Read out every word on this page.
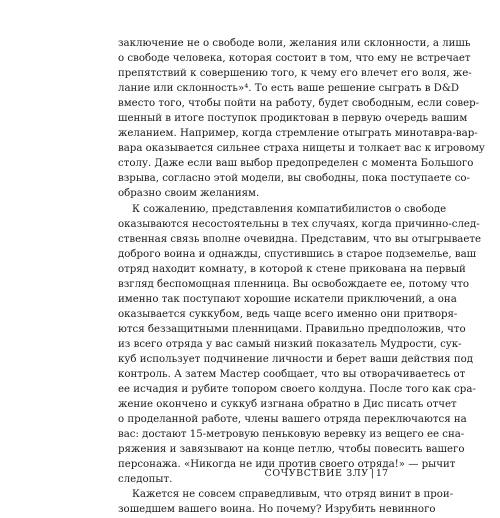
заключение не о свободе воли, желания или склонности, а лишь
о свободе человека, которая состоит в том, что ему не встречает
препятствий к совершению того, к чему его влечет его воля, же-
лание или склонность»⁴. То есть ваше решение сыграть в D&D
вместо того, чтобы пойти на работу, будет свободным, если совер-
шенный в итоге поступок продиктован в первую очередь вашим
желанием. Например, когда стремление отыграть минотавра-вар-
вара оказывается сильнее страха нищеты и толкает вас к игровому
столу. Даже если ваш выбор предопределен с момента Большого
взрыва, согласно этой модели, вы свободны, пока поступаете со-
образно своим желаниям.
К сожалению, представления компатибилистов о свободе
оказываются несостоятельны в тех случаях, когда причинно-след-
ственная связь вполне очевидна. Представим, что вы отыгрываете
доброго воина и однажды, спустившись в старое подземелье, ваш
отряд находит комнату, в которой к стене прикована на первый
взгляд беспомощная пленница. Вы освобождаете ее, потому что
именно так поступают хорошие искатели приключений, а она
оказывается суккубом, ведь чаще всего именно они притворя-
ются беззащитными пленницами. Правильно предположив, что
из всего отряда у вас самый низкий показатель Мудрости, сук-
куб использует подчинение личности и берет ваши действия под
контроль. А затем Мастер сообщает, что вы отворачиваетесь от
ее исчадия и рубите топором своего колдуна. После того как сра-
жение окончено и суккуб изгнана обратно в Дис писать отчет
о проделанной работе, члены вашего отряда переключаются на
вас: достают 15-метровую пеньковую веревку из вещего ее сна-
ряжения и завязывают на конце петлю, чтобы повесить вашего
персонажа. «Никогда не иди против своего отряда!» — рычит
следопыт.
Кажется не совсем справедливым, что отряд винит в прои-
зошедшем вашего воина. Но почему? Изрубить невинного
СОЧУВСТВИЕ ЗЛУ | 17
